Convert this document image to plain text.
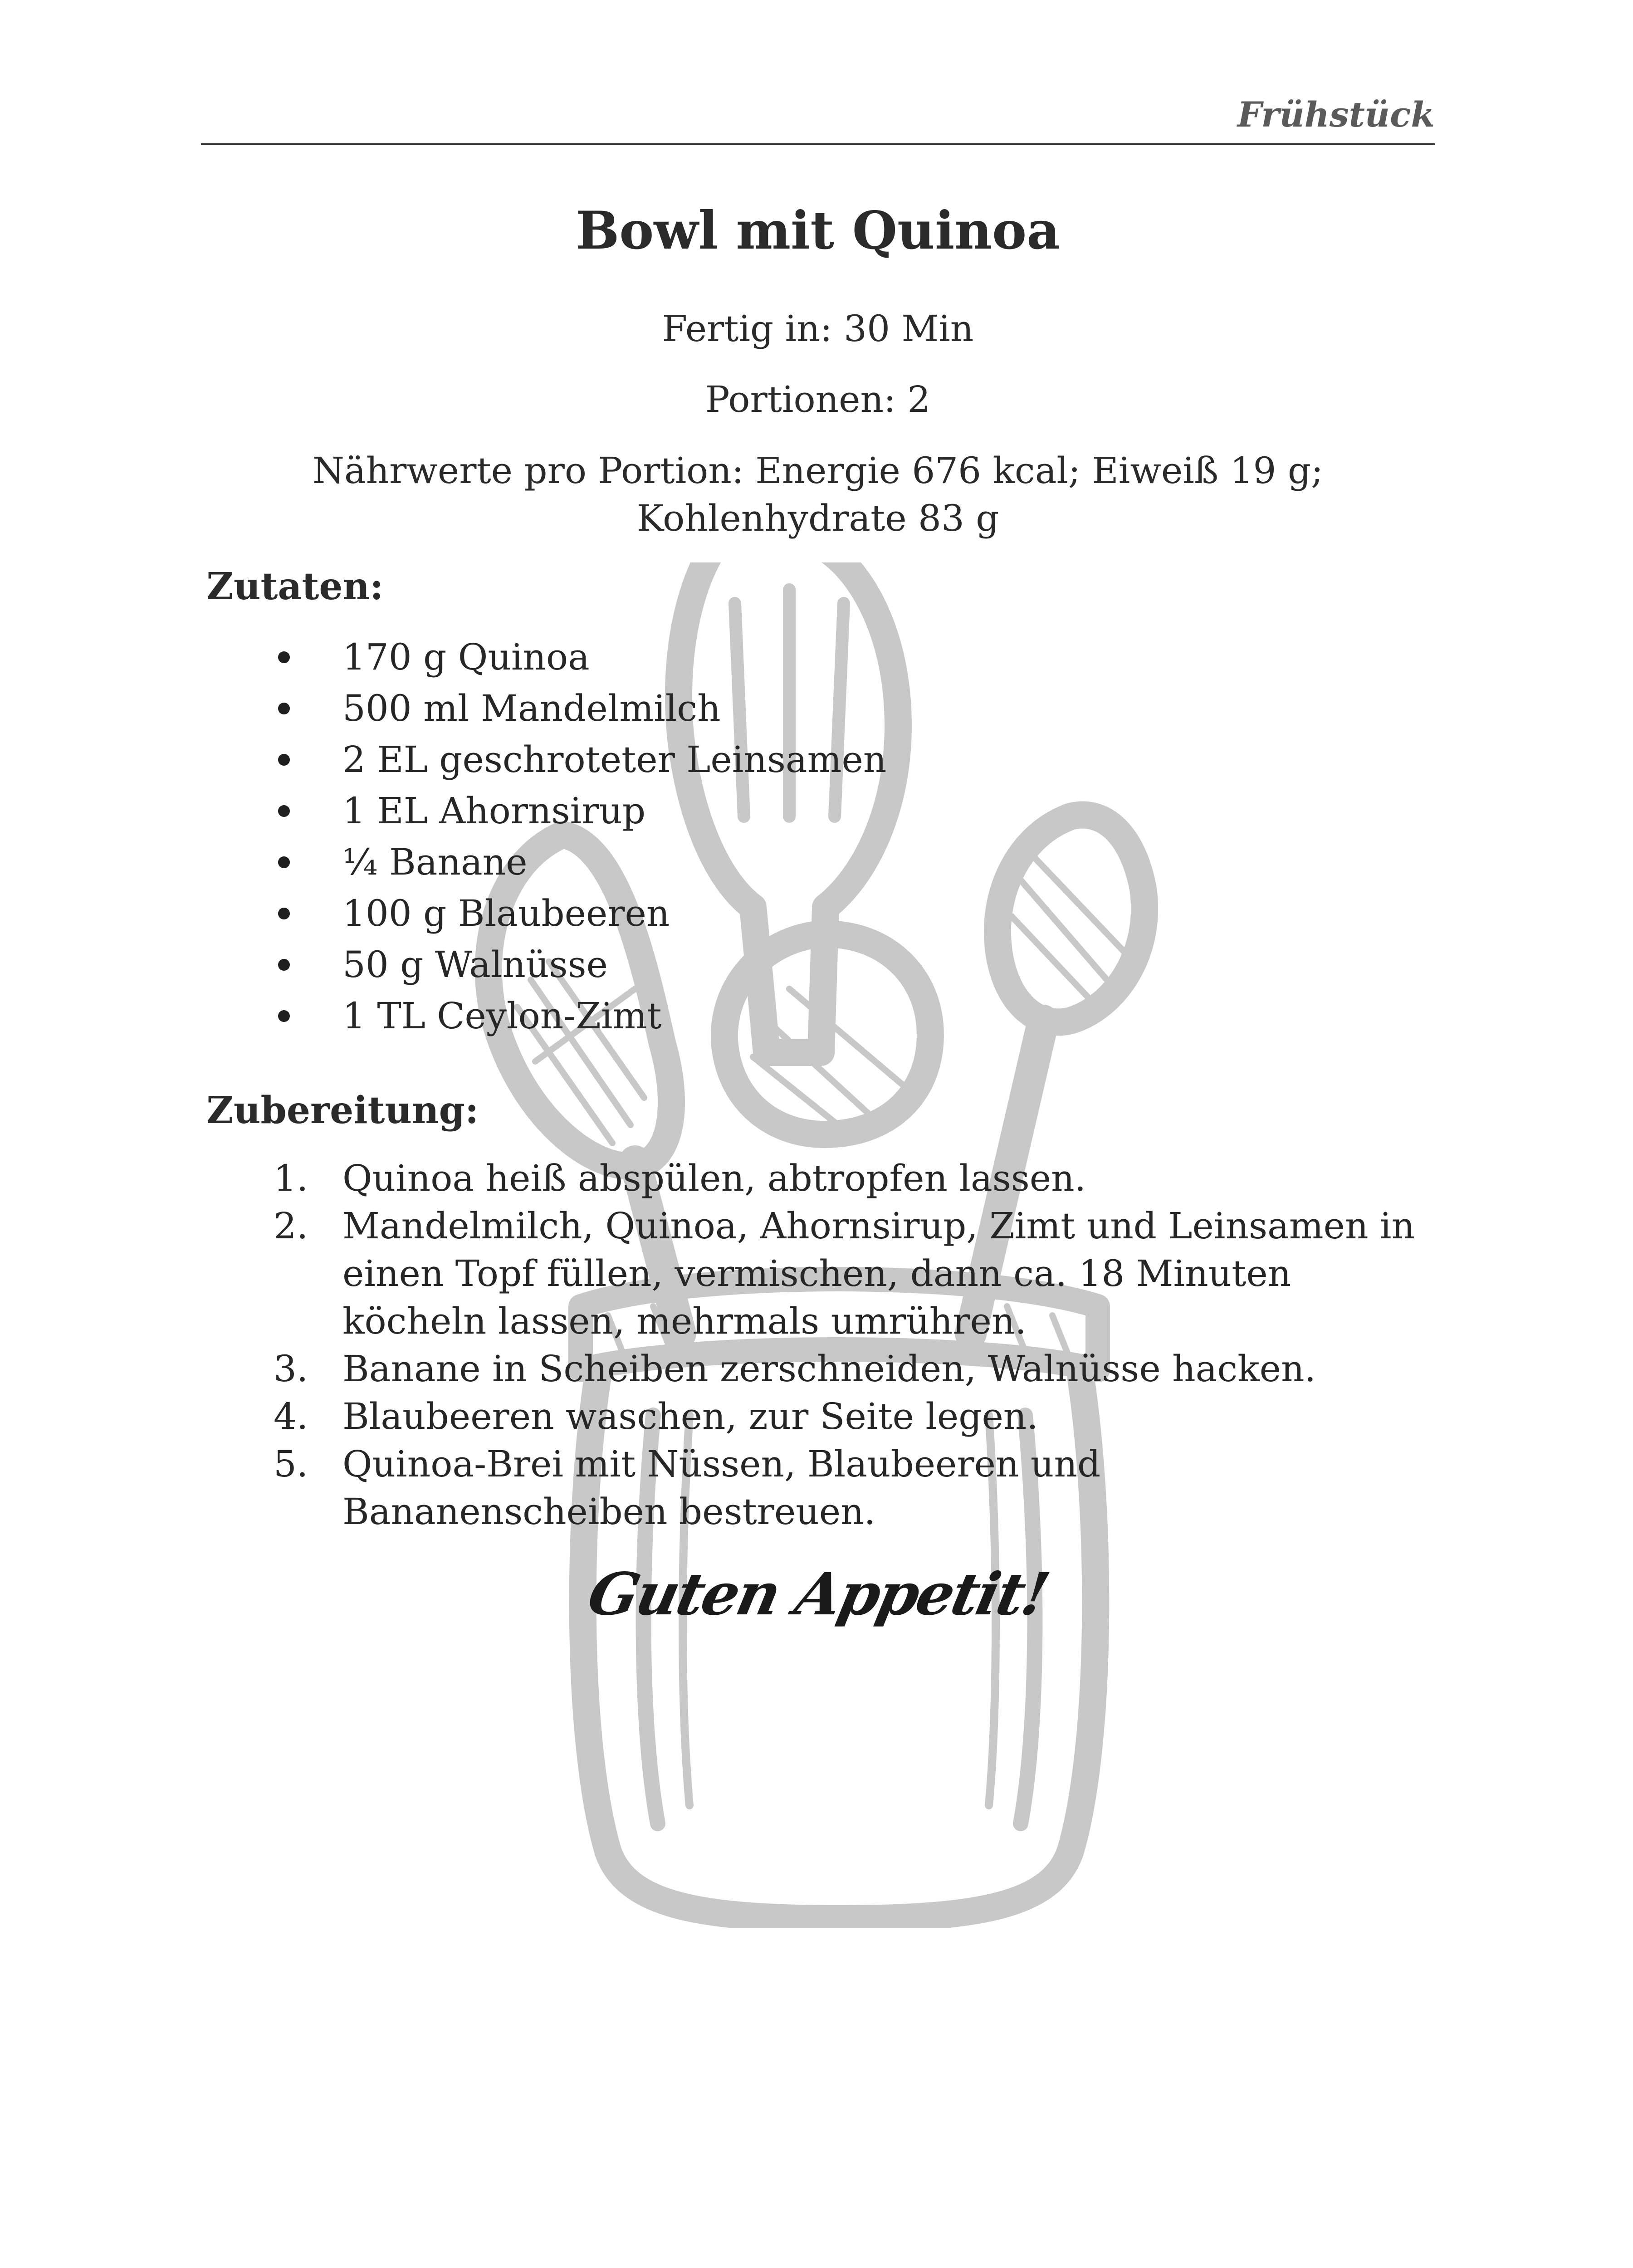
Frühstück
Bowl mit Quinoa
Fertig in: 30 Min
Portionen: 2
Nährwerte pro Portion: Energie 676 kcal; Eiweiß 19 g;
Kohlenhydrate 83 g
Zutaten:
170 g Quinoa
500 ml Mandelmilch
2 EL geschroteter Leinsamen
1 EL Ahornsirup
¼ Banane
100 g Blaubeeren
50 g Walnüsse
1 TL Ceylon-Zimt
Zubereitung:
1. Quinoa heiß abspülen, abtropfen lassen.
2. Mandelmilch, Quinoa, Ahornsirup, Zimt und Leinsamen in einen Topf füllen, vermischen, dann ca. 18 Minuten köcheln lassen, mehrmals umrühren.
3. Banane in Scheiben zerschneiden, Walnüsse hacken.
4. Blaubeeren waschen, zur Seite legen.
5. Quinoa-Brei mit Nüssen, Blaubeeren und Bananenscheiben bestreuen.
Guten Appetit!
